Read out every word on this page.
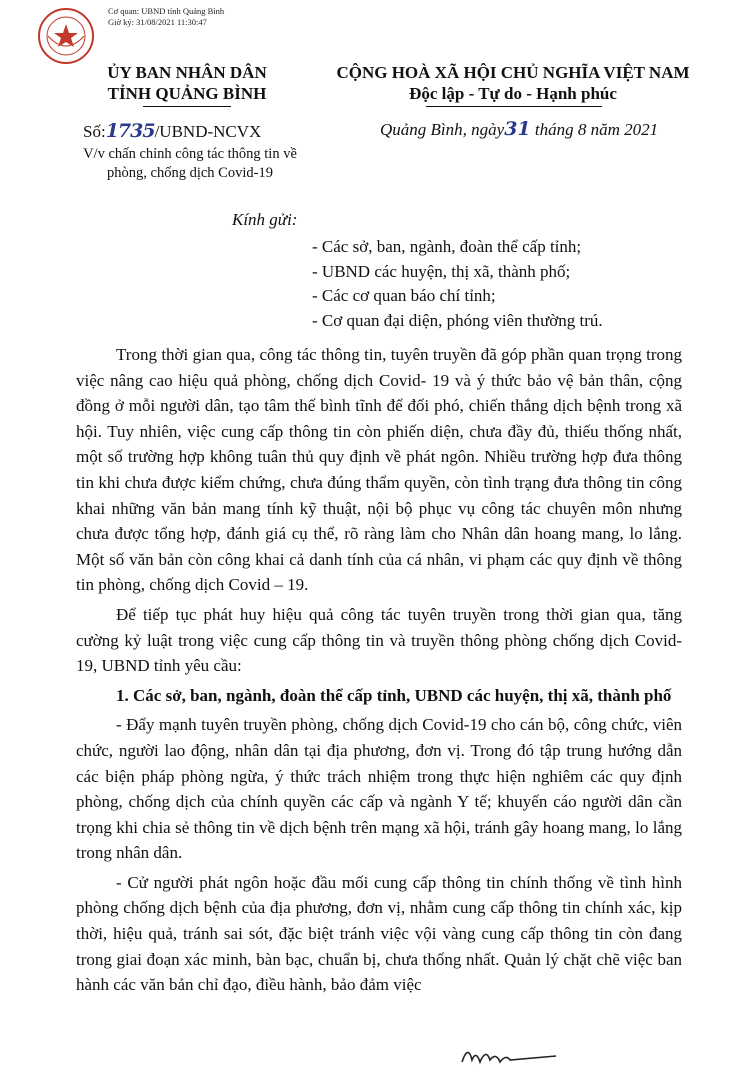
Cơ quan: UBND tỉnh Quảng Bình
Giờ ký: 31/08/2021 11:30:47
ỦY BAN NHÂN DÂN
TỈNH QUẢNG BÌNH
CỘNG HOÀ XÃ HỘI CHỦ NGHĨA VIỆT NAM
Độc lập - Tự do - Hạnh phúc
Số:1735/UBND-NCVX
V/v chấn chỉnh công tác thông tin về
phòng, chống dịch Covid-19
Quảng Bình, ngày31 tháng 8 năm 2021
Kính gửi:
- Các sở, ban, ngành, đoàn thể cấp tỉnh;
- UBND các huyện, thị xã, thành phố;
- Các cơ quan báo chí tỉnh;
- Cơ quan đại diện, phóng viên thường trú.

Trong thời gian qua, công tác thông tin, tuyên truyền đã góp phần quan trọng trong việc nâng cao hiệu quả phòng, chống dịch Covid- 19 và ý thức bảo vệ bản thân, cộng đồng ở mỗi người dân, tạo tâm thế bình tĩnh để đối phó, chiến thắng dịch bệnh trong xã hội. Tuy nhiên, việc cung cấp thông tin còn phiến diện, chưa đầy đủ, thiếu thống nhất, một số trường hợp không tuân thủ quy định về phát ngôn. Nhiều trường hợp đưa thông tin khi chưa được kiểm chứng, chưa đúng thẩm quyền, còn tình trạng đưa thông tin công khai những văn bản mang tính kỹ thuật, nội bộ phục vụ công tác chuyên môn nhưng chưa được tổng hợp, đánh giá cụ thể, rõ ràng làm cho Nhân dân hoang mang, lo lắng. Một số văn bản còn công khai cả danh tính của cá nhân, vi phạm các quy định về thông tin phòng, chống dịch Covid – 19.

Để tiếp tục phát huy hiệu quả công tác tuyên truyền trong thời gian qua, tăng cường kỷ luật trong việc cung cấp thông tin và truyền thông phòng chống dịch Covid-19, UBND tỉnh yêu cầu:

1. Các sở, ban, ngành, đoàn thể cấp tỉnh, UBND các huyện, thị xã, thành phố

- Đẩy mạnh tuyên truyền phòng, chống dịch Covid-19 cho cán bộ, công chức, viên chức, người lao động, nhân dân tại địa phương, đơn vị. Trong đó tập trung hướng dẫn các biện pháp phòng ngừa, ý thức trách nhiệm trong thực hiện nghiêm các quy định phòng, chống dịch của chính quyền các cấp và ngành Y tế; khuyến cáo người dân cần trọng khi chia sẻ thông tin về dịch bệnh trên mạng xã hội, tránh gây hoang mang, lo lắng trong nhân dân.

- Cử người phát ngôn hoặc đầu mối cung cấp thông tin chính thống về tình hình phòng chống dịch bệnh của địa phương, đơn vị, nhằm cung cấp thông tin chính xác, kịp thời, hiệu quả, tránh sai sót, đặc biệt tránh việc vội vàng cung cấp thông tin còn đang trong giai đoạn xác minh, bàn bạc, chuẩn bị, chưa thống nhất. Quản lý chặt chẽ việc ban hành các văn bản chỉ đạo, điều hành, bảo đảm việc
